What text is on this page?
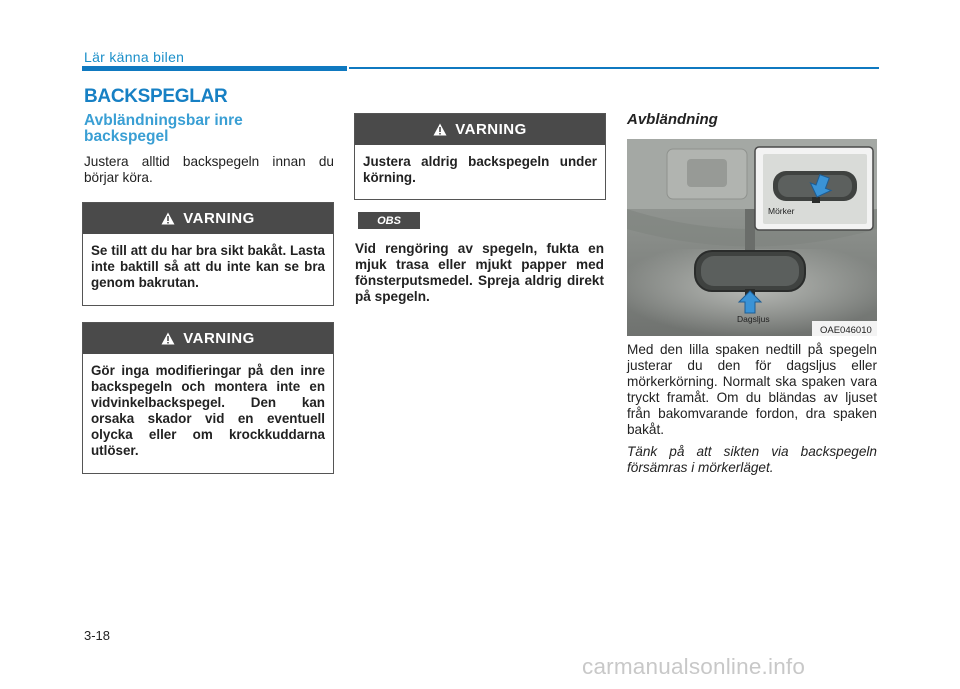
Lär känna bilen
BACKSPEGLAR
Avbländningsbar inre backspegel
Justera alltid backspegeln innan du börjar köra.
VARNING
Se till att du har bra sikt bakåt. Lasta inte baktill så att du inte kan se bra genom bakrutan.
VARNING
Gör inga modifieringar på den inre backspegeln och montera inte en vidvinkelbackspegel. Den kan orsaka skador vid en eventuell olycka eller om krockkuddarna utlöser.
VARNING
Justera aldrig backspegeln under körning.
OBS
Vid rengöring av spegeln, fukta en mjuk trasa eller mjukt papper med fönsterputsmedel. Spreja aldrig direkt på spegeln.
Avbländning
Mörker
Dagsljus
OAE046010
Med den lilla spaken nedtill på spegeln justerar du den för dagsljus eller mörkerkörning. Normalt ska spaken vara tryckt framåt. Om du bländas av ljuset från bakomvarande fordon, dra spaken bakåt.
Tänk på att sikten via backspegeln försämras i mörkerläget.
3-18
carmanualsonline.info
